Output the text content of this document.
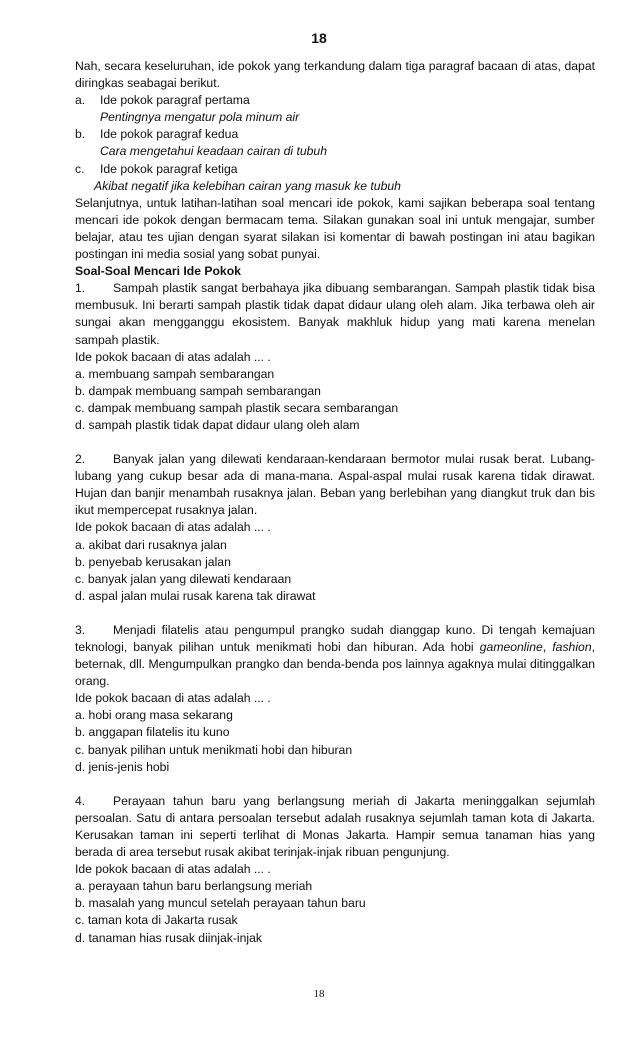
18

Nah, secara keseluruhan, ide pokok yang terkandung dalam tiga paragraf bacaan di atas, dapat diringkas seabagai berikut.

a. Ide pokok paragraf pertama

Pentingnya mengatur pola minum air

b. Ide pokok paragraf kedua

Cara mengetahui keadaan cairan di tubuh

c. Ide pokok paragraf ketiga

Akibat negatif jika kelebihan cairan yang masuk ke tubuh

Selanjutnya, untuk latihan-latihan soal mencari ide pokok, kami sajikan beberapa soal tentang mencari ide pokok dengan bermacam tema. Silakan gunakan soal ini untuk mengajar, sumber belajar, atau tes ujian dengan syarat silakan isi komentar di bawah postingan ini atau bagikan postingan ini media sosial yang sobat punyai.

Soal-Soal Mencari Ide Pokok

1. Sampah plastik sangat berbahaya jika dibuang sembarangan. Sampah plastik tidak bisa membusuk. Ini berarti sampah plastik tidak dapat didaur ulang oleh alam. Jika terbawa oleh air sungai akan mengganggu ekosistem. Banyak makhluk hidup yang mati karena menelan sampah plastik.

Ide pokok bacaan di atas adalah ... .

a. membuang sampah sembarangan

b. dampak membuang sampah sembarangan

c. dampak membuang sampah plastik secara sembarangan

d. sampah plastik tidak dapat didaur ulang oleh alam

2. Banyak jalan yang dilewati kendaraan-kendaraan bermotor mulai rusak berat. Lubang-lubang yang cukup besar ada di mana-mana. Aspal-aspal mulai rusak karena tidak dirawat. Hujan dan banjir menambah rusaknya jalan. Beban yang berlebihan yang diangkut truk dan bis ikut mempercepat rusaknya jalan.

Ide pokok bacaan di atas adalah ... .

a. akibat dari rusaknya jalan

b. penyebab kerusakan jalan

c. banyak jalan yang dilewati kendaraan

d. aspal jalan mulai rusak karena tak dirawat

3. Menjadi filatelis atau pengumpul prangko sudah dianggap kuno. Di tengah kemajuan teknologi, banyak pilihan untuk menikmati hobi dan hiburan. Ada hobi gameonline, fashion, beternak, dll. Mengumpulkan prangko dan benda-benda pos lainnya agaknya mulai ditinggalkan orang.

Ide pokok bacaan di atas adalah ... .

a. hobi orang masa sekarang

b. anggapan filatelis itu kuno

c. banyak pilihan untuk menikmati hobi dan hiburan

d. jenis-jenis hobi

4. Perayaan tahun baru yang berlangsung meriah di Jakarta meninggalkan sejumlah persoalan. Satu di antara persoalan tersebut adalah rusaknya sejumlah taman kota di Jakarta. Kerusakan taman ini seperti terlihat di Monas Jakarta. Hampir semua tanaman hias yang berada di area tersebut rusak akibat terinjak-injak ribuan pengunjung.

Ide pokok bacaan di atas adalah ... .

a. perayaan tahun baru berlangsung meriah

b. masalah yang muncul setelah perayaan tahun baru

c. taman kota di Jakarta rusak

d. tanaman hias rusak diinjak-injak

18
